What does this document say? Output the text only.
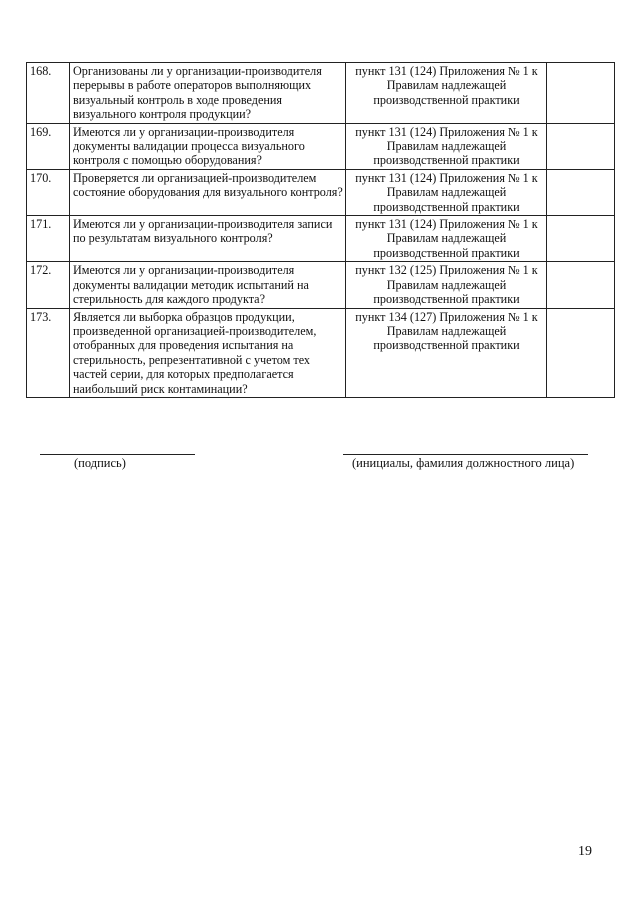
168.	Организованы ли у организации-производителя перерывы в работе операторов выполняющих визуальный контроль в ходе проведения визуального контроля продукции?	пункт 131 (124) Приложения № 1 к Правилам надлежащей производственной практики		
169.	Имеются ли у организации-производителя документы валидации процесса визуального контроля с помощью оборудования?	пункт 131 (124) Приложения № 1 к Правилам надлежащей производственной практики		
170.	Проверяется ли организацией-производителем состояние оборудования для визуального контроля?	пункт 131 (124) Приложения № 1 к Правилам надлежащей производственной практики		
171.	Имеются ли у организации-производителя записи по результатам визуального контроля?	пункт 131 (124) Приложения № 1 к Правилам надлежащей производственной практики		
172.	Имеются ли у организации-производителя документы валидации методик испытаний на стерильность для каждого продукта?	пункт 132 (125) Приложения № 1 к Правилам надлежащей производственной практики		
173.	Является ли выборка образцов продукции, произведенной организацией-производителем, отобранных для проведения испытания на стерильность, репрезентативной с учетом тех частей серии, для которых предполагается наибольший риск контаминации?	пункт 134 (127) Приложения № 1 к Правилам надлежащей производственной практики		
(подпись)	(инициалы, фамилия должностного лица)
19
